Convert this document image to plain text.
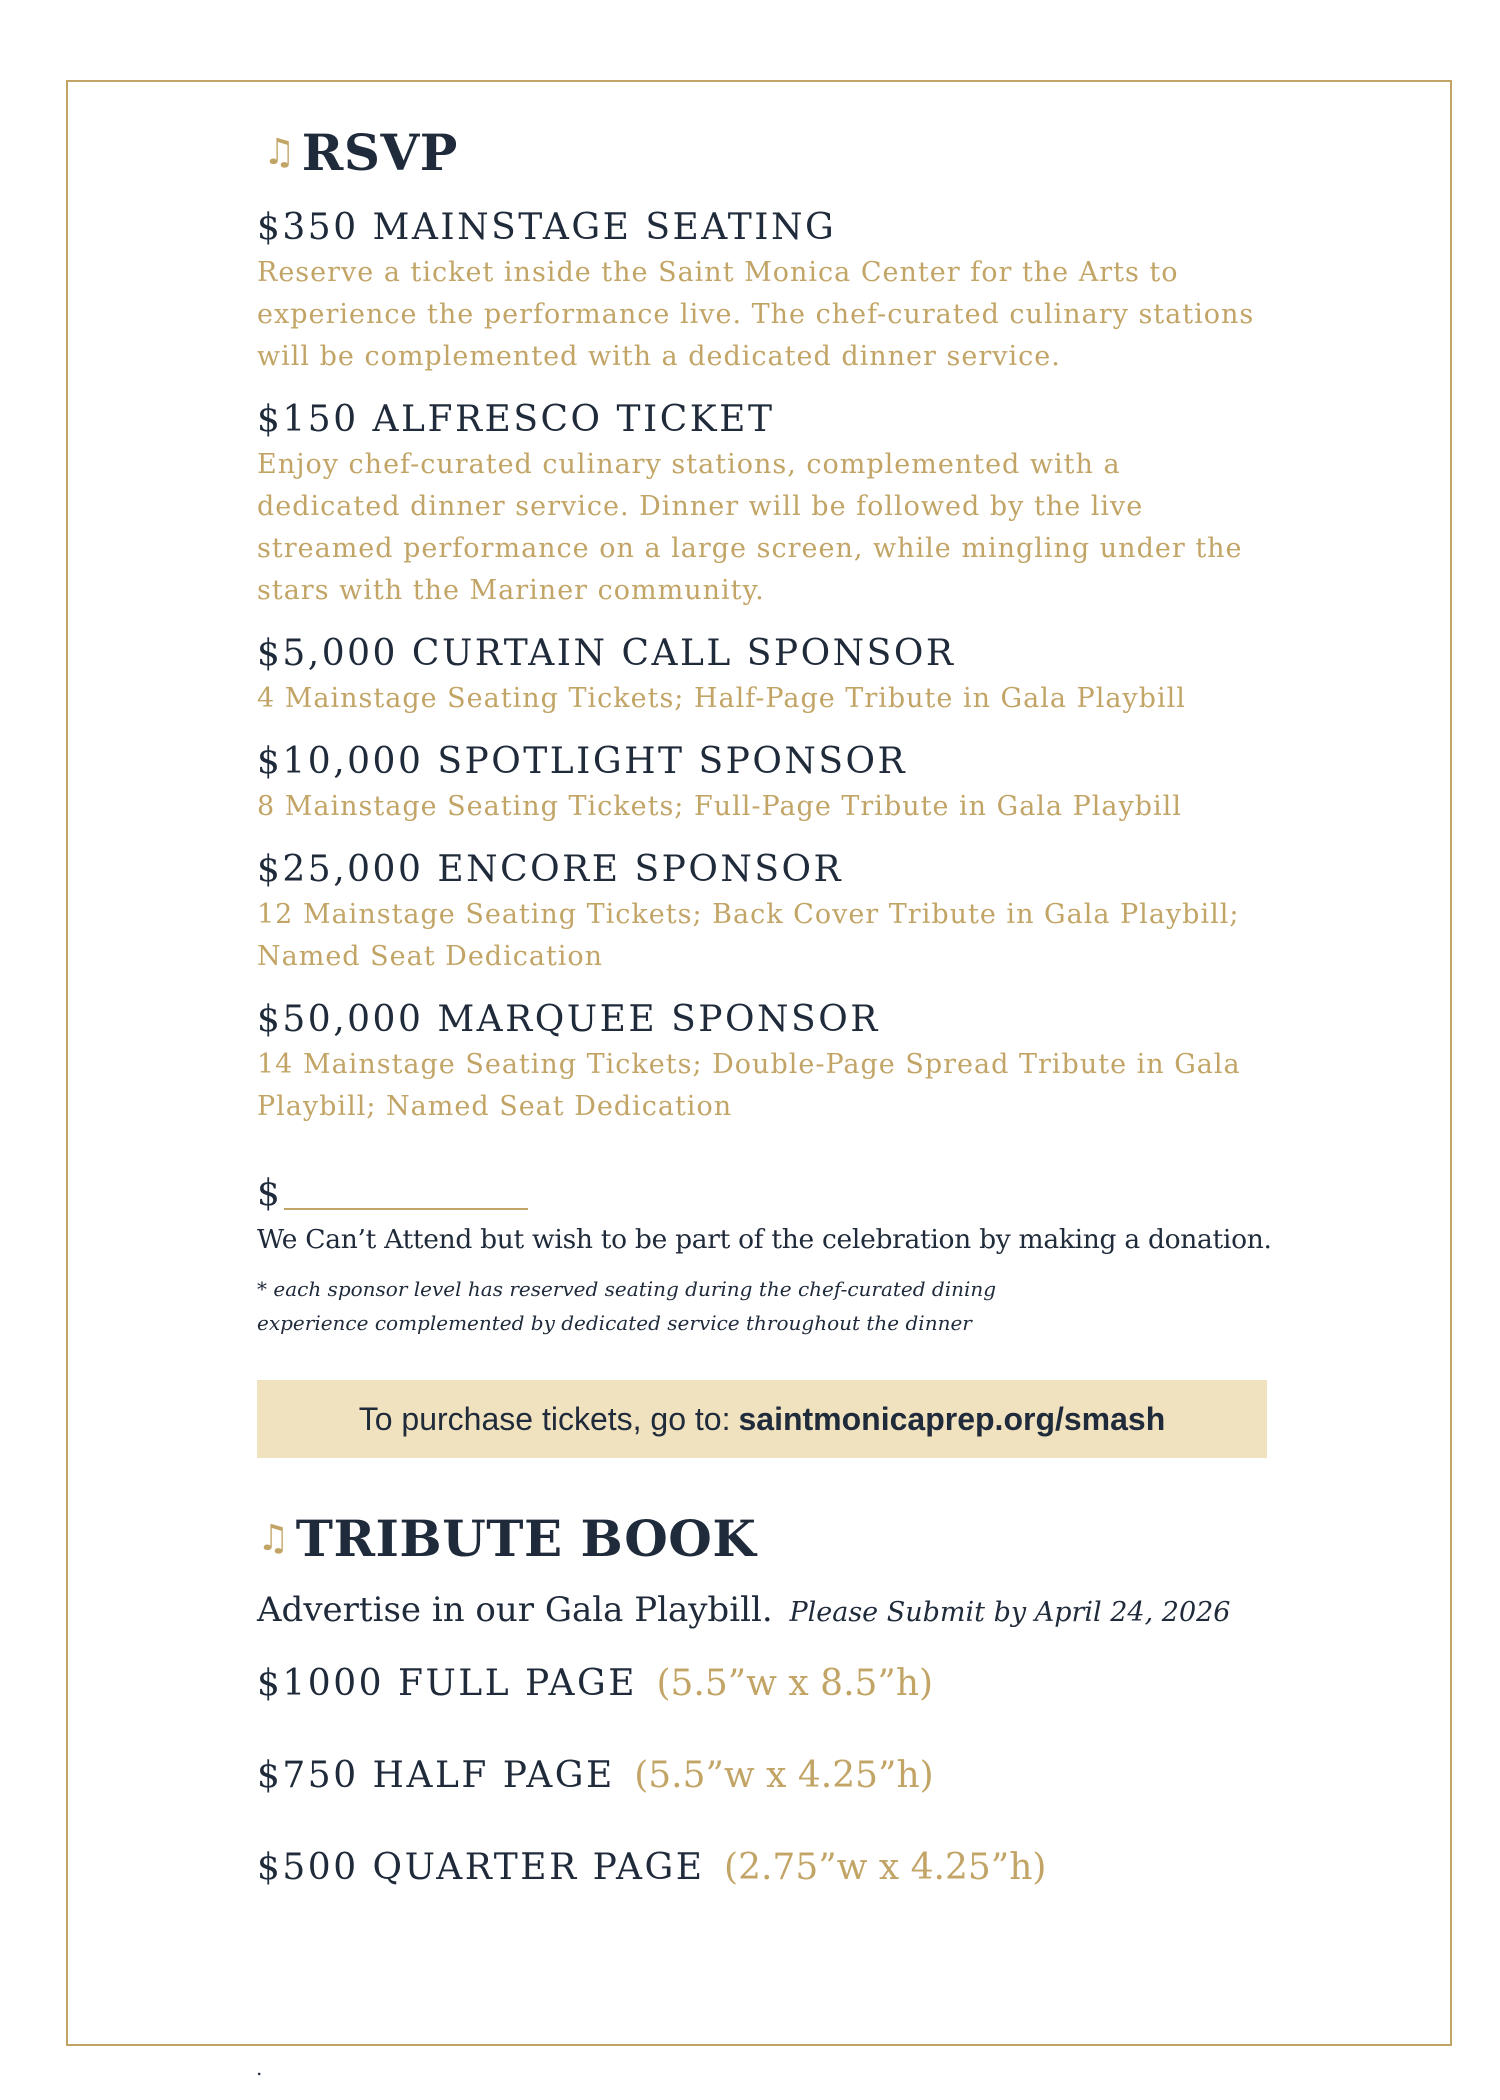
♫ RSVP
$350 MAINSTAGE SEATING
Reserve a ticket inside the Saint Monica Center for the Arts to experience the performance live. The chef-curated culinary stations will be complemented with a dedicated dinner service.
$150 ALFRESCO TICKET
Enjoy chef-curated culinary stations, complemented with a dedicated dinner service. Dinner will be followed by the live streamed performance on a large screen, while mingling under the stars with the Mariner community.
$5,000 CURTAIN CALL SPONSOR
4 Mainstage Seating Tickets; Half-Page Tribute in Gala Playbill
$10,000 SPOTLIGHT SPONSOR
8 Mainstage Seating Tickets; Full-Page Tribute in Gala Playbill
$25,000 ENCORE SPONSOR
12 Mainstage Seating Tickets; Back Cover Tribute in Gala Playbill; Named Seat Dedication
$50,000 MARQUEE SPONSOR
14 Mainstage Seating Tickets; Double-Page Spread Tribute in Gala Playbill; Named Seat Dedication
$
We Can’t Attend but wish to be part of the celebration by making a donation.
* each sponsor level has reserved seating during the chef-curated dining experience complemented by dedicated service throughout the dinner
To purchase tickets, go to: saintmonicaprep.org/smash
♫ TRIBUTE BOOK
Advertise in our Gala Playbill. Please Submit by April 24, 2026
$1000 FULL PAGE (5.5”w x 8.5”h)
$750 HALF PAGE (5.5”w x 4.25”h)
$500 QUARTER PAGE (2.75”w x 4.25”h)
.
